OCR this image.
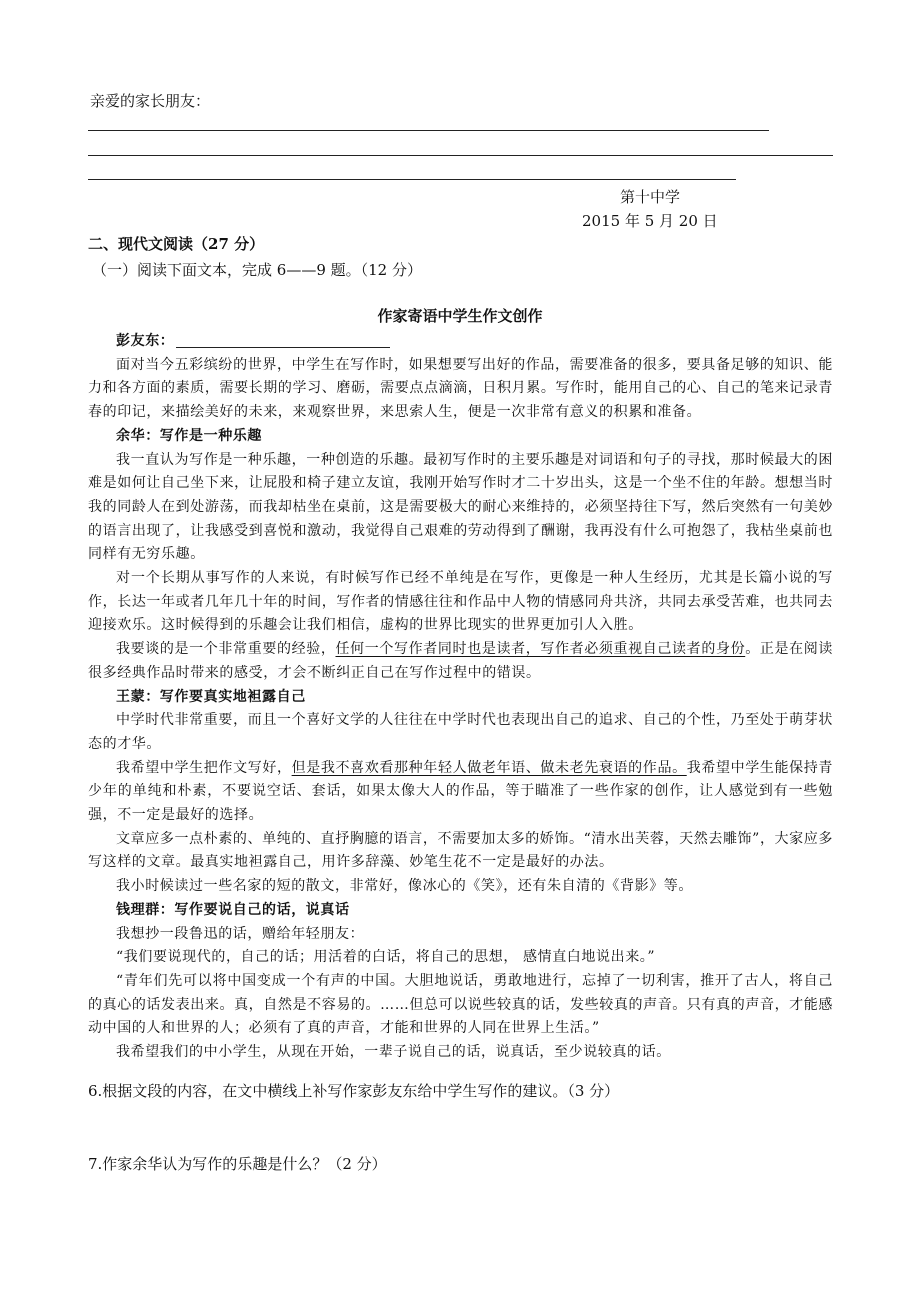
亲爱的家长朋友：
第十中学
2015 年 5 月 20 日
二、现代文阅读（27 分）
（一）阅读下面文本，完成 6——9 题。（12 分）
作家寄语中学生作文创作

彭友东：

面对当今五彩缤纷的世界，中学生在写作时，如果想要写出好的作品，需要准备的很多，要具备足够的知识、能力和各方面的素质，需要长期的学习、磨砺，需要点点滴滴，日积月累。写作时，能用自己的心、自己的笔来记录青春的印记，来描绘美好的未来，来观察世界，来思索人生，便是一次非常有意义的积累和准备。

余华：写作是一种乐趣

我一直认为写作是一种乐趣，一种创造的乐趣。最初写作时的主要乐趣是对词语和句子的寻找，那时候最大的困难是如何让自己坐下来，让屁股和椅子建立友谊，我刚开始写作时才二十岁出头，这是一个坐不住的年龄。想想当时我的同龄人在到处游荡，而我却枯坐在桌前，这是需要极大的耐心来维持的，必须坚持往下写，然后突然有一句美妙的语言出现了，让我感受到喜悦和激动，我觉得自己艰难的劳动得到了酬谢，我再没有什么可抱怨了，我枯坐桌前也同样有无穷乐趣。

对一个长期从事写作的人来说，有时候写作已经不单纯是在写作，更像是一种人生经历，尤其是长篇小说的写作，长达一年或者几年几十年的时间，写作者的情感往往和作品中人物的情感同舟共济，共同去承受苦难，也共同去迎接欢乐。这时候得到的乐趣会让我们相信，虚构的世界比现实的世界更加引人入胜。

我要谈的是一个非常重要的经验，任何一个写作者同时也是读者，写作者必须重视自己读者的身份。正是在阅读很多经典作品时带来的感受，才会不断纠正自己在写作过程中的错误。

王蒙：写作要真实地袒露自己

中学时代非常重要，而且一个喜好文学的人往往在中学时代也表现出自己的追求、自己的个性，乃至处于萌芽状态的才华。

我希望中学生把作文写好，但是我不喜欢看那种年轻人做老年语、做未老先衰语的作品。我希望中学生能保持青少年的单纯和朴素，不要说空话、套话，如果太像大人的作品，等于瞄准了一些作家的创作，让人感觉到有一些勉强，不一定是最好的选择。

文章应多一点朴素的、单纯的、直抒胸臆的语言，不需要加太多的娇饰。“清水出芙蓉，天然去雕饰”，大家应多写这样的文章。最真实地袒露自己，用许多辞藻、妙笔生花不一定是最好的办法。

我小时候读过一些名家的短的散文，非常好，像冰心的《笑》，还有朱自清的《背影》等。

钱理群：写作要说自己的话，说真话

我想抄一段鲁迅的话，赠给年轻朋友：

“我们要说现代的，自己的话；用活着的白话，将自己的思想， 感情直白地说出来。”

“青年们先可以将中国变成一个有声的中国。大胆地说话，勇敢地进行，忘掉了一切利害，推开了古人，将自己的真心的话发表出来。真，自然是不容易的。……但总可以说些较真的话，发些较真的声音。只有真的声音，才能感动中国的人和世界的人；必须有了真的声音，才能和世界的人同在世界上生活。”

我希望我们的中小学生，从现在开始，一辈子说自己的话，说真话，至少说较真的话。

6.根据文段的内容，在文中横线上补写作家彭友东给中学生写作的建议。（3 分）
7.作家余华认为写作的乐趣是什么？（2 分）
